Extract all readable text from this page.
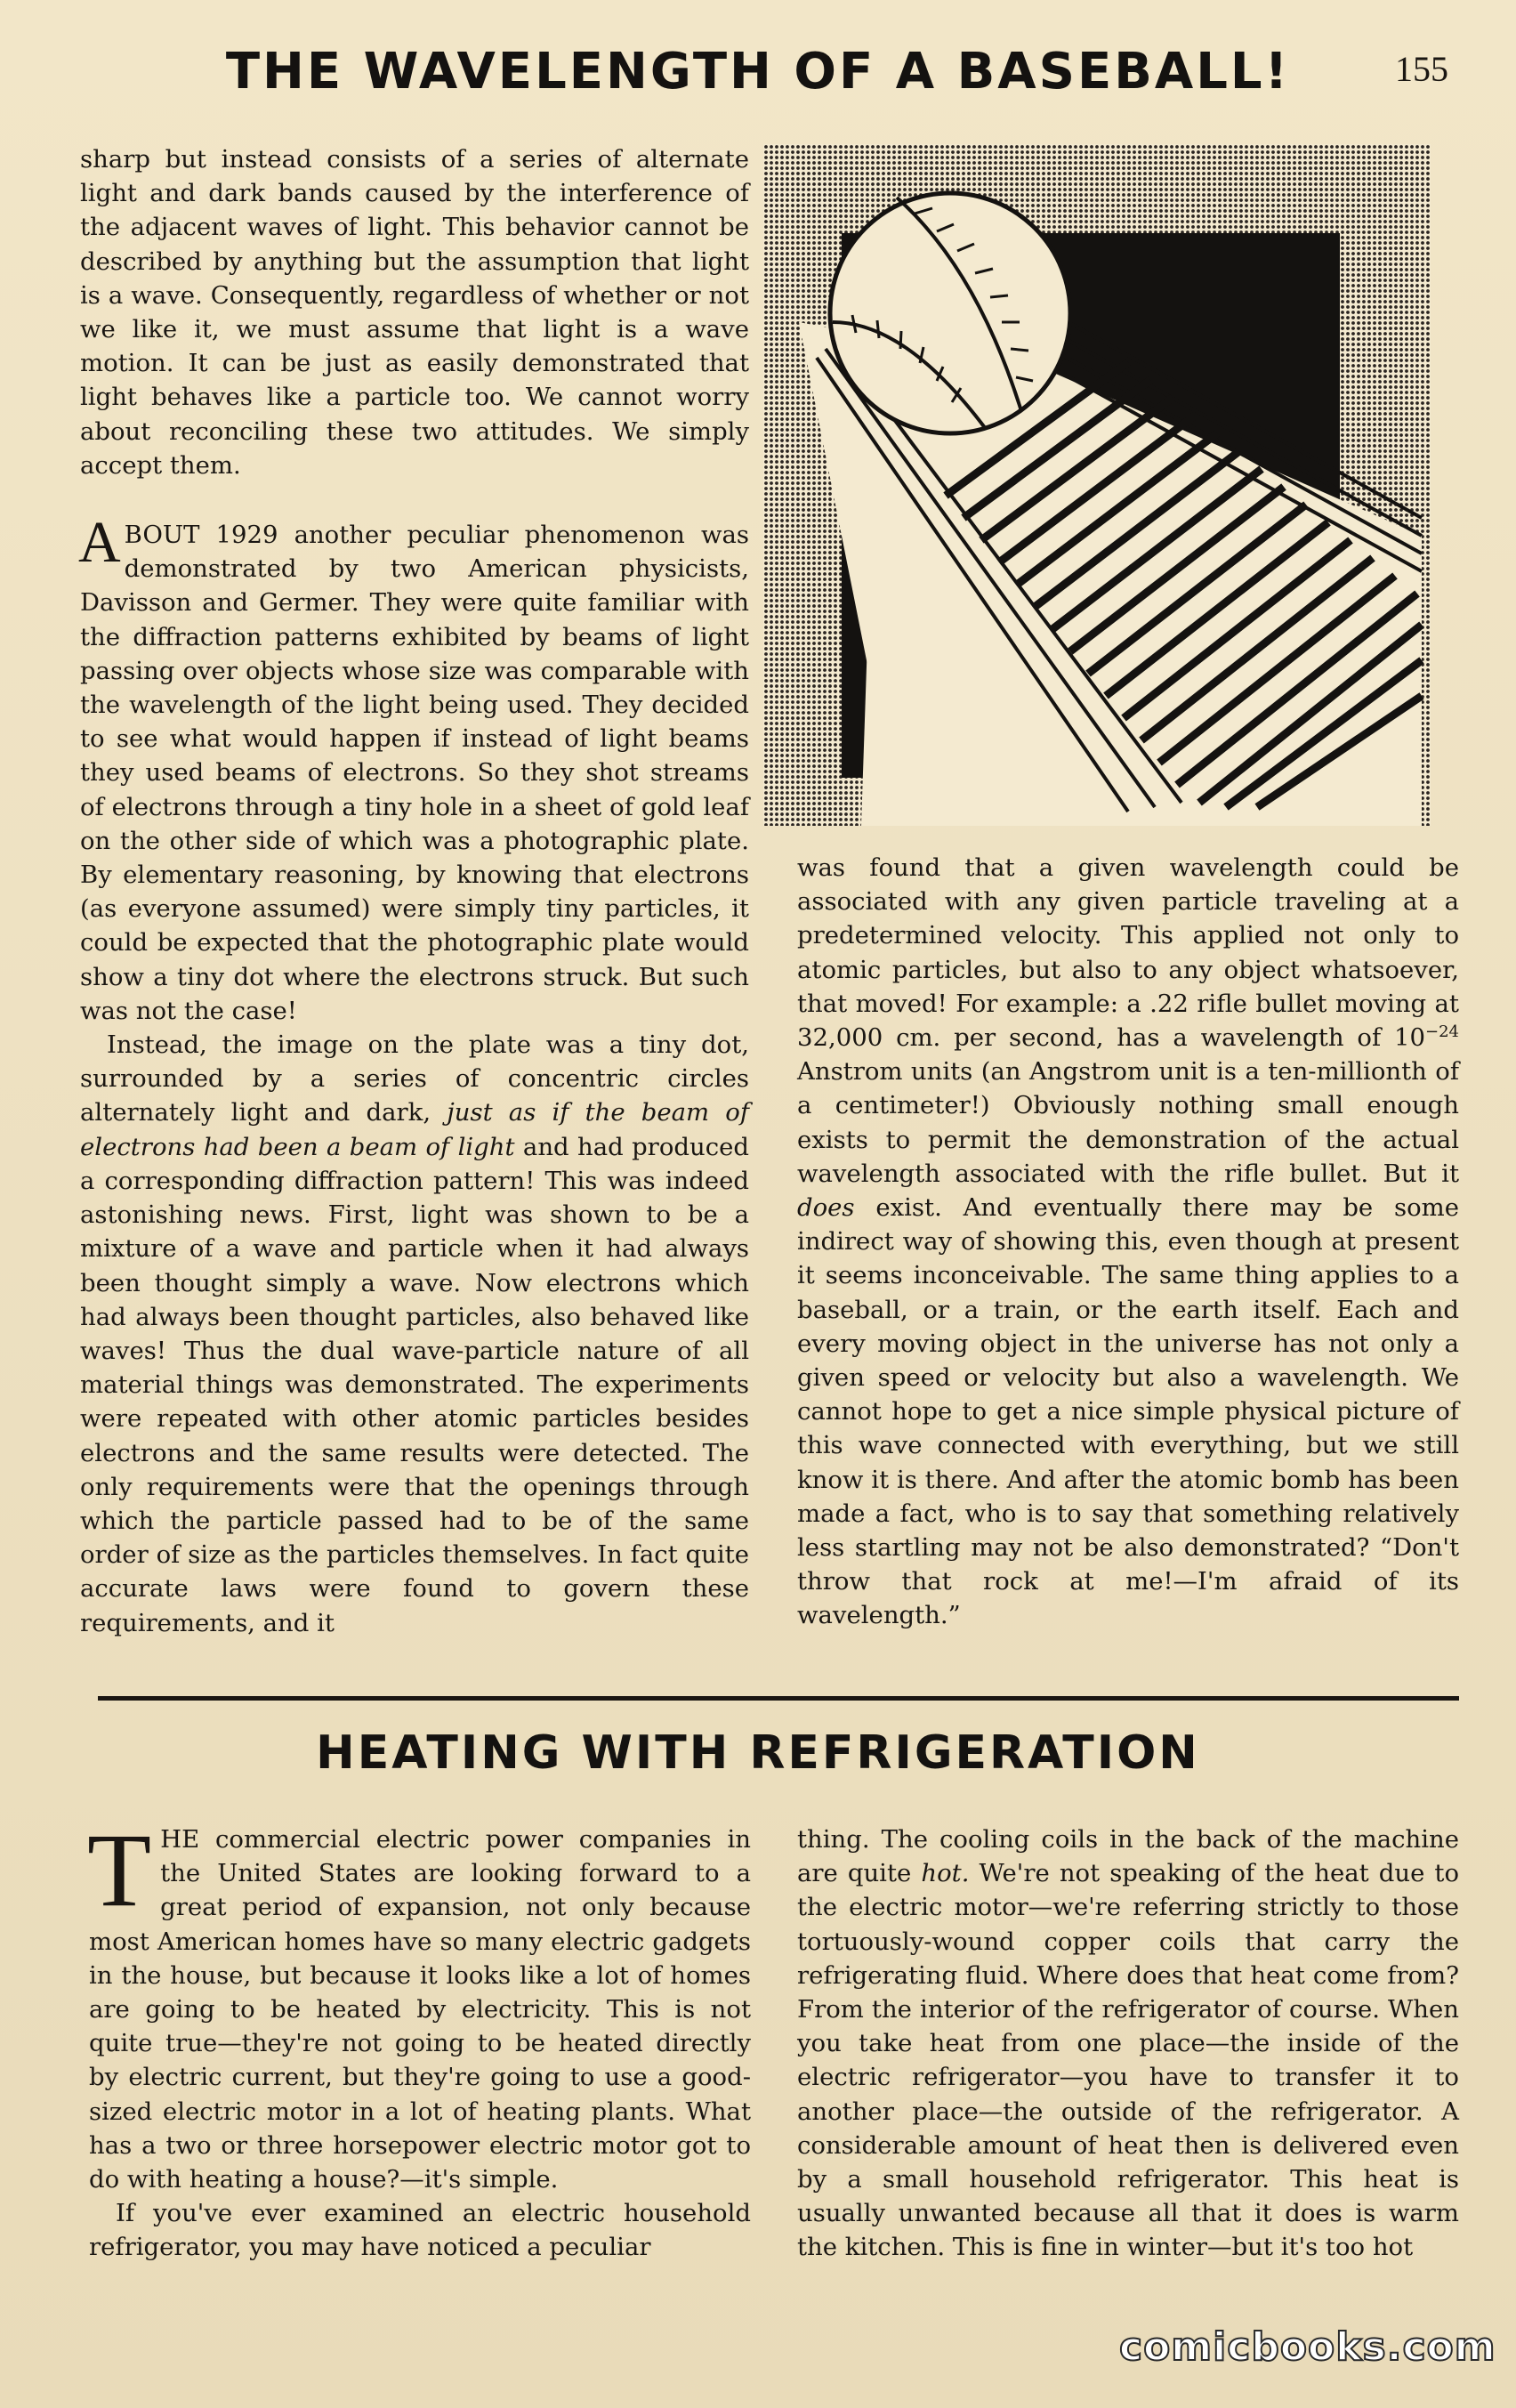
THE WAVELENGTH OF A BASEBALL!	155

sharp but instead consists of a series of alternate light and dark bands caused by the interference of the adjacent waves of light. This behavior cannot be described by anything but the assumption that light is a wave. Consequently, regardless of whether or not we like it, we must assume that light is a wave motion. It can be just as easily demonstrated that light behaves like a particle too. We cannot worry about reconciling these two attitudes. We simply accept them.

ABOUT 1929 another peculiar phenomenon was demonstrated by two American physicists, Davisson and Germer. They were quite familiar with the diffraction patterns exhibited by beams of light passing over objects whose size was comparable with the wavelength of the light being used. They decided to see what would happen if instead of light beams they used beams of electrons. So they shot streams of electrons through a tiny hole in a sheet of gold leaf on the other side of which was a photographic plate. By elementary reasoning, by knowing that electrons (as everyone assumed) were simply tiny particles, it could be expected that the photographic plate would show a tiny dot where the electrons struck. But such was not the case!

Instead, the image on the plate was a tiny dot, surrounded by a series of concentric circles alternately light and dark, just as if the beam of electrons had been a beam of light and had produced a corresponding diffraction pattern! This was indeed astonishing news. First, light was shown to be a mixture of a wave and particle when it had always been thought simply a wave. Now electrons which had always been thought particles, also behaved like waves! Thus the dual wave-particle nature of all material things was demonstrated. The experiments were repeated with other atomic particles besides electrons and the same results were detected. The only requirements were that the openings through which the particle passed had to be of the same order of size as the particles themselves. In fact quite accurate laws were found to govern these requirements, and it

was found that a given wavelength could be associated with any given particle traveling at a predetermined velocity. This applied not only to atomic particles, but also to any object whatsoever, that moved! For example: a .22 rifle bullet moving at 32,000 cm. per second, has a wavelength of $10^{-24}$ Anstrom units (an Angstrom unit is a ten-millionth of a centimeter!) Obviously nothing small enough exists to permit the demonstration of the actual wavelength associated with the rifle bullet. But it does exist. And eventually there may be some indirect way of showing this, even though at present it seems inconceivable. The same thing applies to a baseball, or a train, or the earth itself. Each and every moving object in the universe has not only a given speed or velocity but also a wavelength. We cannot hope to get a nice simple physical picture of this wave connected with everything, but we still know it is there. And after the atomic bomb has been made a fact, who is to say that something relatively less startling may not be also demonstrated? “Don't throw that rock at me!—I'm afraid of its wavelength.”

HEATING WITH REFRIGERATION

THE commercial electric power companies in the United States are looking forward to a great period of expansion, not only because most American homes have so many electric gadgets in the house, but because it looks like a lot of homes are going to be heated by electricity. This is not quite true—they're not going to be heated directly by electric current, but they're going to use a good-sized electric motor in a lot of heating plants. What has a two or three horsepower electric motor got to do with heating a house?—it's simple.

If you've ever examined an electric household refrigerator, you may have noticed a peculiar

thing. The cooling coils in the back of the machine are quite hot. We're not speaking of the heat due to the electric motor—we're referring strictly to those tortuously-wound copper coils that carry the refrigerating fluid. Where does that heat come from? From the interior of the refrigerator of course. When you take heat from one place—the inside of the electric refrigerator—you have to transfer it to another place—the outside of the refrigerator. A considerable amount of heat then is delivered even by a small household refrigerator. This heat is usually unwanted because all that it does is warm the kitchen. This is fine in winter—but it's too hot

comicbooks.com
